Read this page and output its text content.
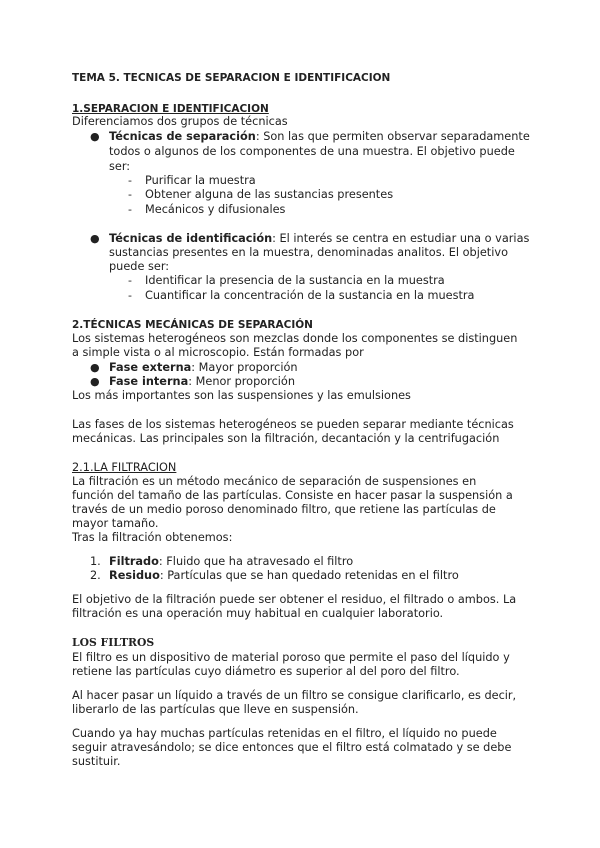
TEMA 5. TECNICAS DE SEPARACION E IDENTIFICACION
1.SEPARACION E IDENTIFICACION
Diferenciamos dos grupos de técnicas
● Técnicas de separación: Son las que permiten observar separadamente
todos o algunos de los componentes de una muestra. El objetivo puede
ser:
- Purificar la muestra
- Obtener alguna de las sustancias presentes
- Mecánicos y difusionales
● Técnicas de identificación: El interés se centra en estudiar una o varias
sustancias presentes en la muestra, denominadas analitos. El objetivo
puede ser:
- Identificar la presencia de la sustancia en la muestra
- Cuantificar la concentración de la sustancia en la muestra
2.TÉCNICAS MECÁNICAS DE SEPARACIÓN
Los sistemas heterogéneos son mezclas donde los componentes se distinguen
a simple vista o al microscopio. Están formadas por
● Fase externa: Mayor proporción
● Fase interna: Menor proporción
Los más importantes son las suspensiones y las emulsiones
Las fases de los sistemas heterogéneos se pueden separar mediante técnicas
mecánicas. Las principales son la filtración, decantación y la centrifugación
2.1.LA FILTRACION
La filtración es un método mecánico de separación de suspensiones en
función del tamaño de las partículas. Consiste en hacer pasar la suspensión a
través de un medio poroso denominado filtro, que retiene las partículas de
mayor tamaño.
Tras la filtración obtenemos:
1. Filtrado: Fluido que ha atravesado el filtro
2. Residuo: Partículas que se han quedado retenidas en el filtro
El objetivo de la filtración puede ser obtener el residuo, el filtrado o ambos. La
filtración es una operación muy habitual en cualquier laboratorio.
LOS FILTROS
El filtro es un dispositivo de material poroso que permite el paso del líquido y
retiene las partículas cuyo diámetro es superior al del poro del filtro.
Al hacer pasar un líquido a través de un filtro se consigue clarificarlo, es decir,
liberarlo de las partículas que lleve en suspensión.
Cuando ya hay muchas partículas retenidas en el filtro, el líquido no puede
seguir atravesándolo; se dice entonces que el filtro está colmatado y se debe
sustituir.
